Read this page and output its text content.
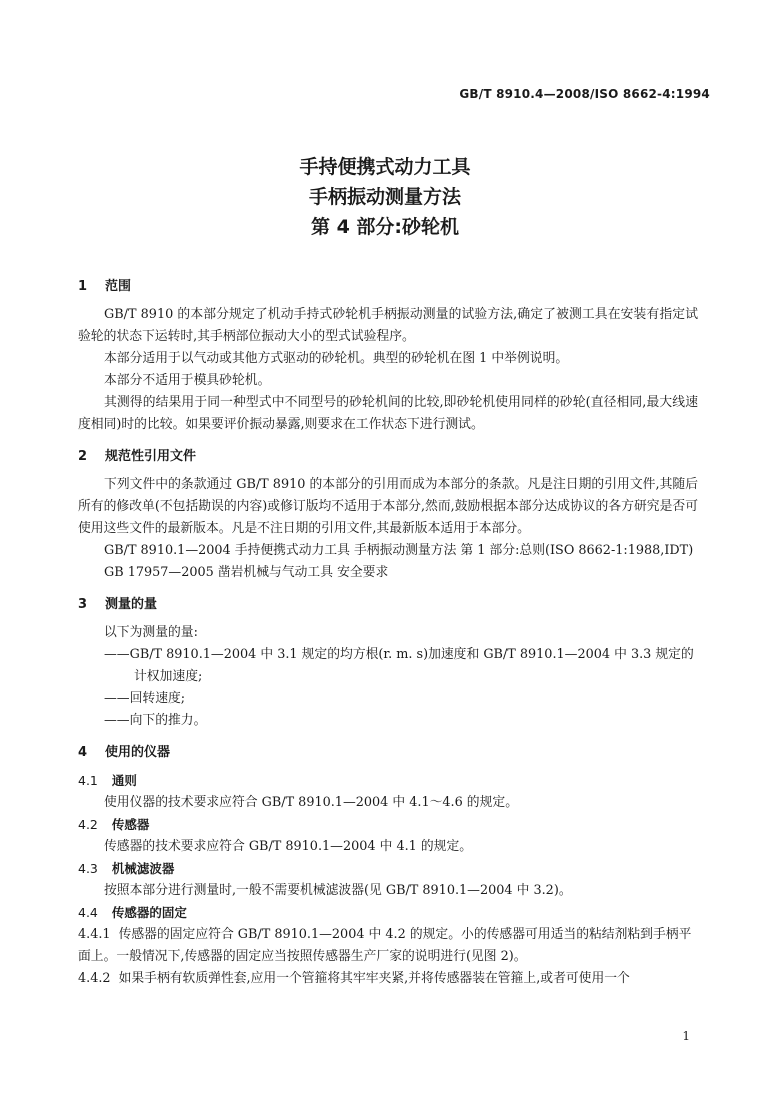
GB/T 8910.4—2008/ISO 8662-4:1994
手持便携式动力工具
手柄振动测量方法
第 4 部分:砂轮机
1 范围
GB/T 8910 的本部分规定了机动手持式砂轮机手柄振动测量的试验方法,确定了被测工具在安装有指定试验轮的状态下运转时,其手柄部位振动大小的型式试验程序。
本部分适用于以气动或其他方式驱动的砂轮机。典型的砂轮机在图 1 中举例说明。
本部分不适用于模具砂轮机。
其测得的结果用于同一种型式中不同型号的砂轮机间的比较,即砂轮机使用同样的砂轮(直径相同,最大线速度相同)时的比较。如果要评价振动暴露,则要求在工作状态下进行测试。
2 规范性引用文件
下列文件中的条款通过 GB/T 8910 的本部分的引用而成为本部分的条款。凡是注日期的引用文件,其随后所有的修改单(不包括勘误的内容)或修订版均不适用于本部分,然而,鼓励根据本部分达成协议的各方研究是否可使用这些文件的最新版本。凡是不注日期的引用文件,其最新版本适用于本部分。
GB/T 8910.1—2004 手持便携式动力工具 手柄振动测量方法 第 1 部分:总则(ISO 8662-1:1988,IDT)
GB 17957—2005 凿岩机械与气动工具 安全要求
3 测量的量
以下为测量的量:
——GB/T 8910.1—2004 中 3.1 规定的均方根(r. m. s)加速度和 GB/T 8910.1—2004 中 3.3 规定的计权加速度;
——回转速度;
——向下的推力。
4 使用的仪器
4.1 通则
使用仪器的技术要求应符合 GB/T 8910.1—2004 中 4.1～4.6 的规定。
4.2 传感器
传感器的技术要求应符合 GB/T 8910.1—2004 中 4.1 的规定。
4.3 机械滤波器
按照本部分进行测量时,一般不需要机械滤波器(见 GB/T 8910.1—2004 中 3.2)。
4.4 传感器的固定
4.4.1 传感器的固定应符合 GB/T 8910.1—2004 中 4.2 的规定。小的传感器可用适当的粘结剂粘到手柄平面上。一般情况下,传感器的固定应当按照传感器生产厂家的说明进行(见图 2)。
4.4.2 如果手柄有软质弹性套,应用一个管箍将其牢牢夹紧,并将传感器装在管箍上,或者可使用一个
1
